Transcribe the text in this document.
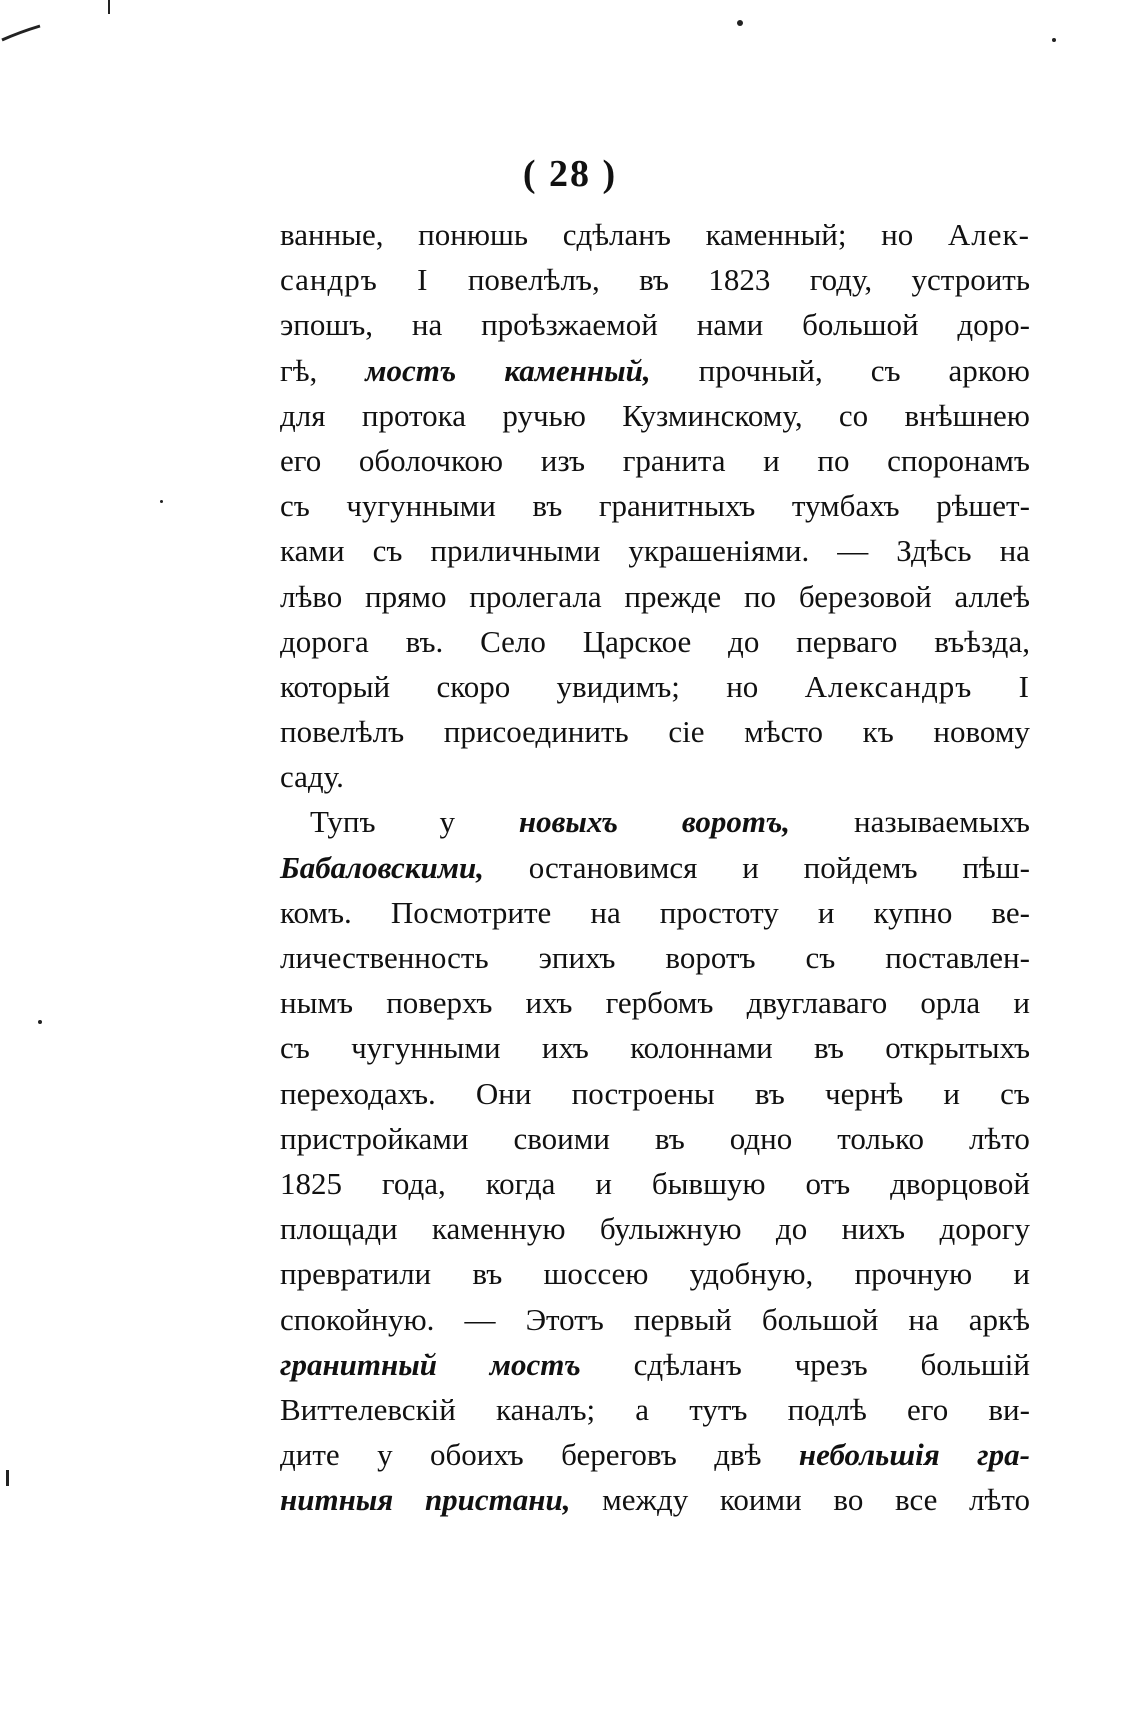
( 28 )
ванные, понюшь сдѣланъ каменный; но Алек-
сандръ I повелѣлъ, въ 1823 году, устроить
эпошъ, на проѣзжаемой нами большой доро-
гѣ, мостъ каменный, прочный, съ аркою
для протока ручью Кузминскому, со внѣшнею
его оболочкою изъ гранита и по споронамъ
съ чугунными въ гранитныхъ тумбахъ рѣшет-
ками съ приличными украшеніями. — Здѣсь на
лѣво прямо пролегала прежде по березовой аллеѣ
дорога въ. Село Царское до перваго въѣзда,
который скоро увидимъ; но Александръ I
повелѣлъ присоединить сіе мѣсто къ новому
саду.
Тупъ у новыхъ воротъ, называемыхъ
Бабаловскими, остановимся и пойдемъ пѣш-
комъ. Посмотрите на простоту и купно ве-
личественность эпихъ воротъ съ поставлен-
нымъ поверхъ ихъ гербомъ двуглаваго орла и
съ чугунными ихъ колоннами въ открытыхъ
переходахъ. Они построены въ чернѣ и съ
пристройками своими въ одно только лѣто
1825 года, когда и бывшую отъ дворцовой
площади каменную булыжную до нихъ дорогу
превратили въ шоссею удобную, прочную и
спокойную. — Этотъ первый большой на аркѣ
гранитный мостъ сдѣланъ чрезъ большій
Виттелевскій каналъ; а тутъ подлѣ его ви-
дите у обоихъ береговъ двѣ небольшія гра-
нитныя пристани, между коими во все лѣто
